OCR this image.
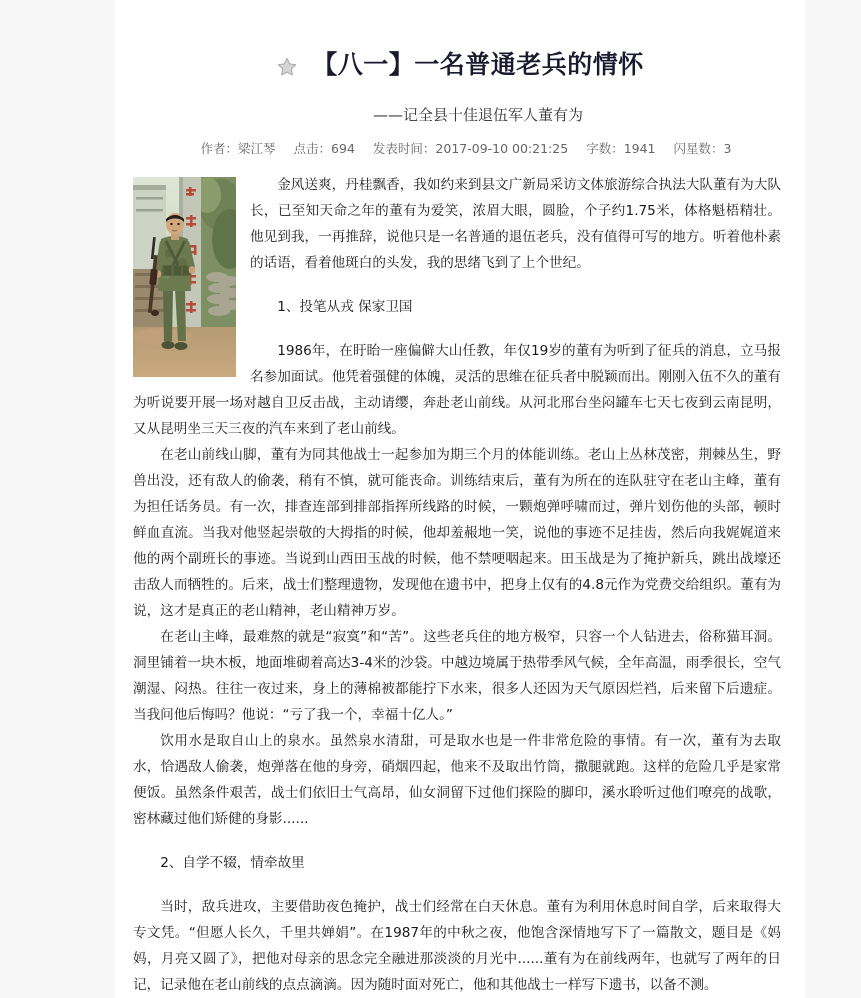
【八一】一名普通老兵的情怀
——记全县十佳退伍军人董有为
作者：梁江琴 点击：694 发表时间：2017-09-10 00:21:25 字数：1941 闪星数：3

金风送爽，丹桂飘香，我如约来到县文广新局采访文体旅游综合执法大队董有为大队长，已至知天命之年的董有为爱笑，浓眉大眼，圆脸，个子约1.75米，体格魁梧精壮。他见到我，一再推辞，说他只是一名普通的退伍老兵，没有值得可写的地方。听着他朴素的话语，看着他斑白的头发，我的思绪飞到了上个世纪。

1、投笔从戎 保家卫国

1986年，在盱眙一座偏僻大山任教，年仅19岁的董有为听到了征兵的消息，立马报名参加面试。他凭着强健的体魄，灵活的思维在征兵者中脱颖而出。刚刚入伍不久的董有为听说要开展一场对越自卫反击战，主动请缨，奔赴老山前线。从河北邢台坐闷罐车七天七夜到云南昆明，又从昆明坐三天三夜的汽车来到了老山前线。

在老山前线山脚，董有为同其他战士一起参加为期三个月的体能训练。老山上丛林茂密，荆棘丛生，野兽出没，还有敌人的偷袭，稍有不慎，就可能丧命。训练结束后，董有为所在的连队驻守在老山主峰，董有为担任话务员。有一次，排查连部到排部指挥所线路的时候，一颗炮弹呼啸而过，弹片划伤他的头部，顿时鲜血直流。当我对他竖起崇敬的大拇指的时候，他却羞赧地一笑，说他的事迹不足挂齿，然后向我娓娓道来他的两个副班长的事迹。当说到山西田玉战的时候，他不禁哽咽起来。田玉战是为了掩护新兵，跳出战壕还击敌人而牺牲的。后来，战士们整理遗物，发现他在遗书中，把身上仅有的4.8元作为党费交给组织。董有为说，这才是真正的老山精神，老山精神万岁。

在老山主峰，最难熬的就是“寂寞”和“苦”。这些老兵住的地方极窄，只容一个人钻进去，俗称猫耳洞。洞里铺着一块木板，地面堆砌着高达3-4米的沙袋。中越边境属于热带季风气候，全年高温，雨季很长，空气潮湿、闷热。往往一夜过来，身上的薄棉被都能拧下水来，很多人还因为天气原因烂裆，后来留下后遗症。当我问他后悔吗？他说：“亏了我一个，幸福十亿人。”

饮用水是取自山上的泉水。虽然泉水清甜，可是取水也是一件非常危险的事情。有一次，董有为去取水，恰遇敌人偷袭，炮弹落在他的身旁，硝烟四起，他来不及取出竹筒，撒腿就跑。这样的危险几乎是家常便饭。虽然条件艰苦，战士们依旧士气高昂，仙女洞留下过他们探险的脚印，溪水聆听过他们嘹亮的战歌，密林藏过他们矫健的身影......

2、自学不辍，情牵故里

当时，敌兵进攻，主要借助夜色掩护，战士们经常在白天休息。董有为利用休息时间自学，后来取得大专文凭。“但愿人长久，千里共婵娟”。在1987年的中秋之夜，他饱含深情地写下了一篇散文，题目是《妈妈，月亮又圆了》，把他对母亲的思念完全融进那淡淡的月光中......董有为在前线两年，也就写了两年的日记，记录他在老山前线的点点滴滴。因为随时面对死亡，他和其他战士一样写下遗书，以备不测。
